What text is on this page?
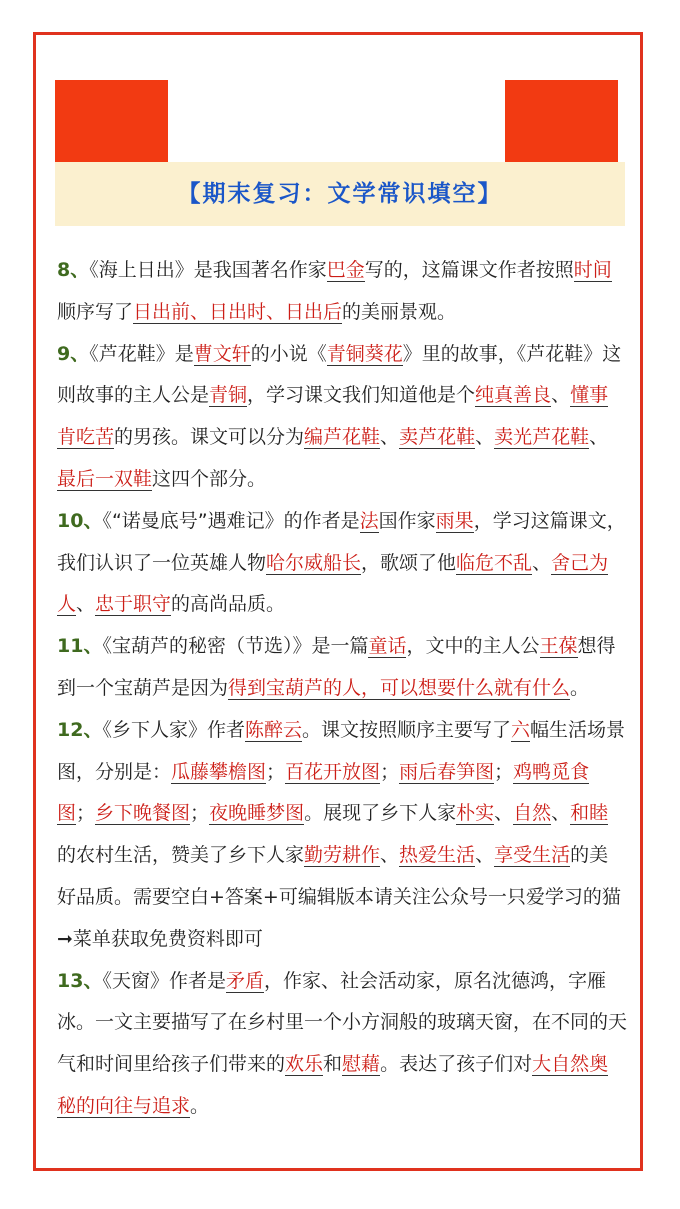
【期末复习：文学常识填空】

8、《海上日出》是我国著名作家巴金写的，这篇课文作者按照时间顺序写了日出前、日出时、日出后的美丽景观。

9、《芦花鞋》是曹文轩的小说《青铜葵花》里的故事，《芦花鞋》这则故事的主人公是青铜，学习课文我们知道他是个纯真善良、懂事肯吃苦的男孩。课文可以分为编芦花鞋、卖芦花鞋、卖光芦花鞋、最后一双鞋这四个部分。

10、《“诺曼底号”遇难记》的作者是法国作家雨果，学习这篇课文，我们认识了一位英雄人物哈尔威船长，歌颂了他临危不乱、舍己为人、忠于职守的高尚品质。

11、《宝葫芦的秘密（节选）》是一篇童话，文中的主人公王葆想得到一个宝葫芦是因为得到宝葫芦的人，可以想要什么就有什么。

12、《乡下人家》作者陈醉云。课文按照顺序主要写了六幅生活场景图，分别是：瓜藤攀檐图；百花开放图；雨后春笋图；鸡鸭觅食图；乡下晚餐图；夜晚睡梦图。展现了乡下人家朴实、自然、和睦的农村生活，赞美了乡下人家勤劳耕作、热爱生活、享受生活的美好品质。需要空白+答案+可编辑版本请关注公众号一只爱学习的猫➞菜单获取免费资料即可

13、《天窗》作者是矛盾，作家、社会活动家，原名沈德鸿，字雁冰。一文主要描写了在乡村里一个小方洞般的玻璃天窗，在不同的天气和时间里给孩子们带来的欢乐和慰藉。表达了孩子们对大自然奥秘的向往与追求。
